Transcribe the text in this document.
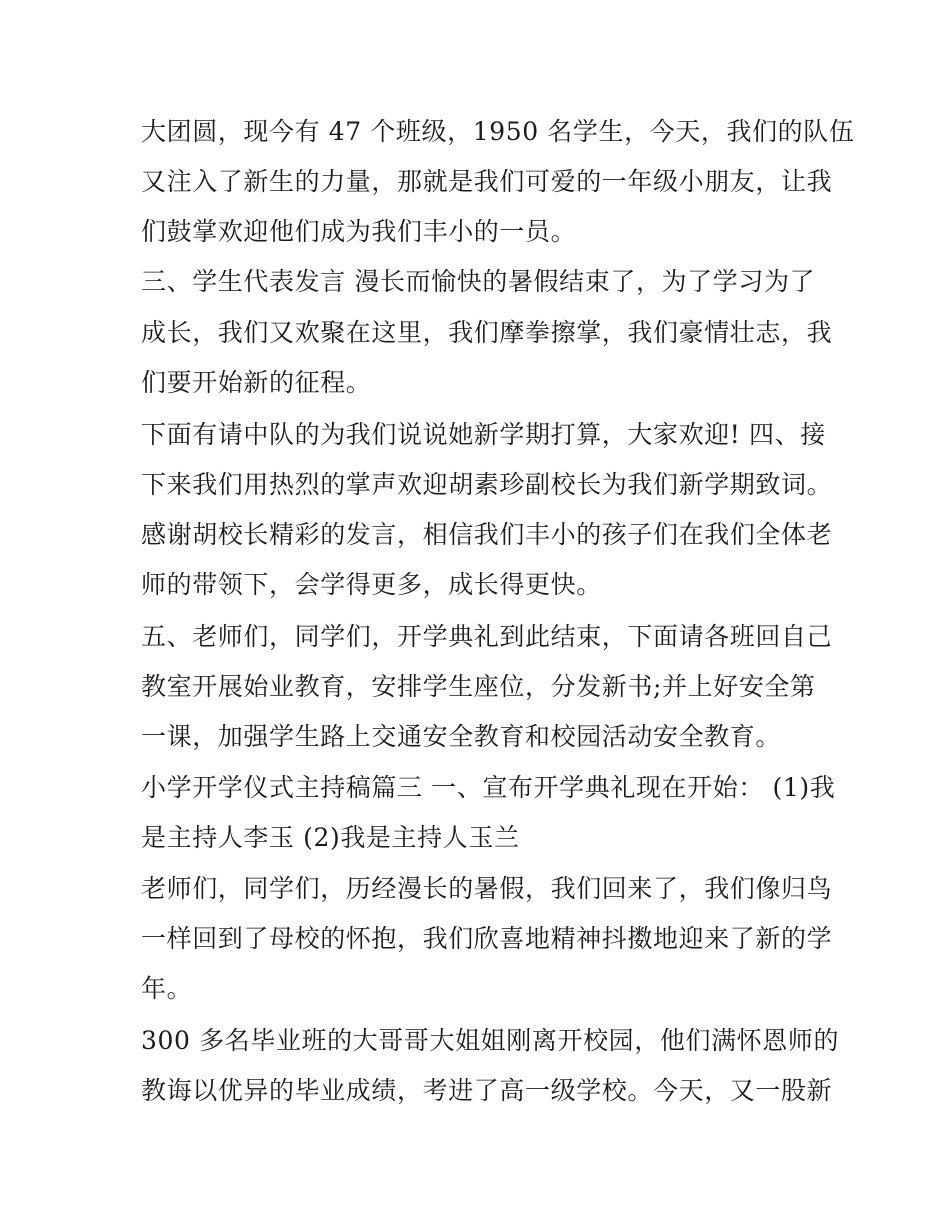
大团圆，现今有 47 个班级，1950 名学生，今天，我们的队伍
又注入了新生的力量，那就是我们可爱的一年级小朋友，让我
们鼓掌欢迎他们成为我们丰小的一员。
三、学生代表发言 漫长而愉快的暑假结束了，为了学习为了
成长，我们又欢聚在这里，我们摩拳擦掌，我们豪情壮志，我
们要开始新的征程。
下面有请中队的为我们说说她新学期打算，大家欢迎! 四、接
下来我们用热烈的掌声欢迎胡素珍副校长为我们新学期致词。
感谢胡校长精彩的发言，相信我们丰小的孩子们在我们全体老
师的带领下，会学得更多，成长得更快。
五、老师们，同学们，开学典礼到此结束，下面请各班回自己
教室开展始业教育，安排学生座位，分发新书;并上好安全第
一课，加强学生路上交通安全教育和校园活动安全教育。
小学开学仪式主持稿篇三 一、宣布开学典礼现在开始： (1)我
是主持人李玉 (2)我是主持人玉兰
老师们，同学们，历经漫长的暑假，我们回来了，我们像归鸟
一样回到了母校的怀抱，我们欣喜地精神抖擞地迎来了新的学
年。
300 多名毕业班的大哥哥大姐姐刚离开校园，他们满怀恩师的
教诲以优异的毕业成绩，考进了高一级学校。今天，又一股新
